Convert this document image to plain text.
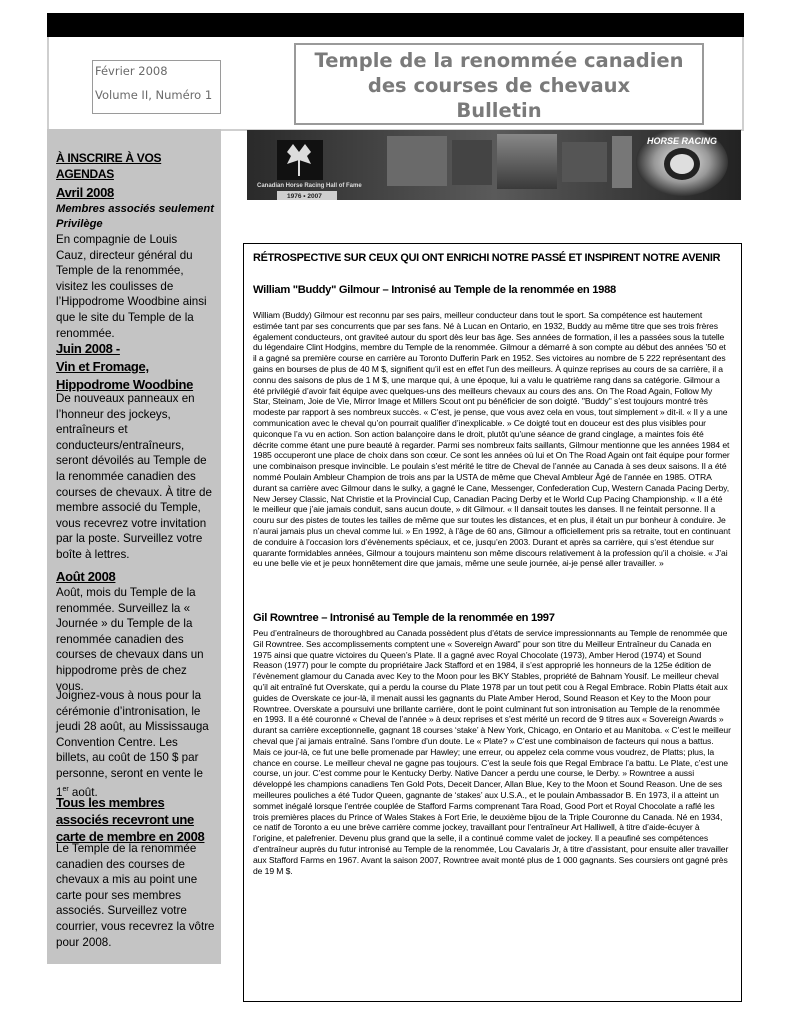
Février 2008
Volume II, Numéro 1
Temple de la renommée canadien
des courses de chevaux
Bulletin
Canadian Horse Racing Hall of Fame
1976 • 2007
HORSE RACING
À INSCRIRE À VOS AGENDAS
Avril 2008
Membres associés seulement
Privilège
En compagnie de Louis Cauz, directeur général du Temple de la renommée, visitez les coulisses de l’Hippodrome Woodbine ainsi que le site du Temple de la renommée.
Juin 2008 -
Vin et Fromage,
Hippodrome Woodbine
De nouveaux panneaux en l’honneur des jockeys, entraîneurs et conducteurs/entraîneurs, seront dévoilés au Temple de la renommée canadien des courses de chevaux. À titre de membre associé du Temple, vous recevrez votre invitation par la poste. Surveillez votre boîte à lettres.
Août 2008
Août, mois du Temple de la renommée. Surveillez la « Journée » du Temple de la renommée canadien des courses de chevaux dans un hippodrome près de chez vous.
Joignez-vous à nous pour la cérémonie d’intronisation, le jeudi 28 août, au Mississauga Convention Centre. Les billets, au coût de 150 $ par personne, seront en vente le 1er août.
Tous les membres associés recevront une carte de membre en 2008
Le Temple de la renommée canadien des courses de chevaux a mis au point une carte pour ses membres associés. Surveillez votre courrier, vous recevrez la vôtre pour 2008.
RÉTROSPECTIVE SUR CEUX QUI ONT ENRICHI NOTRE PASSÉ ET INSPIRENT NOTRE AVENIR
William "Buddy" Gilmour – Intronisé au Temple de la renommée en 1988
William (Buddy) Gilmour est reconnu par ses pairs, meilleur conducteur dans tout le sport. Sa compétence est hautement estimée tant par ses concurrents que par ses fans. Né à Lucan en Ontario, en 1932, Buddy au même titre que ses trois frères également conducteurs, ont graviteé autour du sport dès leur bas âge. Ses années de formation, il les a passées sous la tutelle du légendaire Clint Hodgins, membre du Temple de la renommée. Gilmour a démarré à son compte au début des années ’50 et il a gagné sa première course en carrière au Toronto Dufferin Park en 1952. Ses victoires au nombre de 5 222 représentant des gains en bourses de plus de 40 M $, signifient qu’il est en effet l’un des meilleurs. À quinze reprises au cours de sa carrière, il a connu des saisons de plus de 1 M $, une marque qui, à une époque, lui a valu le quatrième rang dans sa catégorie. Gilmour a été privilégié d’avoir fait équipe avec quelques-uns des meilleurs chevaux au cours des ans. On The Road Again, Follow My Star, Steinam, Joie de Vie, Mirror Image et Millers Scout ont pu bénéficier de son doigté. "Buddy" s’est toujours montré très modeste par rapport à ses nombreux succès. « C’est, je pense, que vous avez cela en vous, tout simplement » dit-il. « Il y a une communication avec le cheval qu’on pourrait qualifier d’inexplicable. » Ce doigté tout en douceur est des plus visibles pour quiconque l’a vu en action. Son action balançoire dans le droit, plutôt qu’une séance de grand cinglage, a maintes fois été décrite comme étant une pure beauté à regarder. Parmi ses nombreux faits saillants, Gilmour mentionne que les années 1984 et 1985 occuperont une place de choix dans son cœur. Ce sont les années où lui et On The Road Again ont fait équipe pour former une combinaison presque invincible. Le poulain s’est mérité le titre de Cheval de l’année au Canada à ses deux saisons. Il a été nommé Poulain Ambleur Champion de trois ans par la USTA de même que Cheval Ambleur Âgé de l’année en 1985. OTRA durant sa carrière avec Gilmour dans le sulky, a gagné le Cane, Messenger, Confederation Cup, Western Canada Pacing Derby, New Jersey Classic, Nat Christie et la Provincial Cup, Canadian Pacing Derby et le World Cup Pacing Championship. « Il a été le meilleur que j’aie jamais conduit, sans aucun doute, » dit Gilmour. « Il dansait toutes les danses. Il ne feintait personne. Il a couru sur des pistes de toutes les tailles de même que sur toutes les distances, et en plus, il était un pur bonheur à conduire. Je n’aurai jamais plus un cheval comme lui. » En 1992, à l’âge de 60 ans, Gilmour a officiellement pris sa retraite, tout en continuant de conduire à l’occasion lors d’évènements spéciaux, et ce, jusqu’en 2003. Durant et après sa carrière, qui s’est étendue sur quarante formidables années, Gilmour a toujours maintenu son même discours relativement à la profession qu’il a choisie. « J’ai eu une belle vie et je peux honnêtement dire que jamais, même une seule journée, ai-je pensé aller travailler. »
Gil Rowntree – Intronisé au Temple de la renommée en 1997
Peu d’entraîneurs de thoroughbred au Canada possèdent plus d’états de service impressionnants au Temple de renommée que Gil Rowntree. Ses accomplissements comptent une « Sovereign Award” pour son titre du Meilleur Entraîneur du Canada en 1975 ainsi que quatre victoires du Queen’s Plate. Il a gagné avec Royal Chocolate (1973), Amber Herod (1974) et Sound Reason (1977) pour le compte du propriétaire Jack Stafford et en 1984, il s’est approprié les honneurs de la 125e édition de l’évènement glamour du Canada avec Key to the Moon pour les BKY Stables, propriété de Bahnam Yousif. Le meilleur cheval qu’il ait entraîné fut Overskate, qui a perdu la course du Plate 1978 par un tout petit cou à Regal Embrace. Robin Platts était aux guides de Overskate ce jour-là, il menait aussi les gagnants du Plate Amber Herod, Sound Reason et Key to the Moon pour Rowntree. Overskate a poursuivi une brillante carrière, dont le point culminant fut son intronisation au Temple de la renommée en 1993. Il a été couronné « Cheval de l’année » à deux reprises et s’est mérité un record de 9 titres aux « Sovereign Awards » durant sa carrière exceptionnelle, gagnant 18 courses ‘stake’ à New York, Chicago, en Ontario et au Manitoba. « C’est le meilleur cheval que j’ai jamais entraîné. Sans l’ombre d’un doute. Le « Plate? » C’est une combinaison de facteurs qui nous a battus. Mais ce jour-là, ce fut une belle promenade par Hawley; une erreur, ou appelez cela comme vous voudrez, de Platts; plus, la chance en course. Le meilleur cheval ne gagne pas toujours. C’est la seule fois que Regal Embrace l’a battu. Le Plate, c’est une course, un jour. C’est comme pour le Kentucky Derby. Native Dancer a perdu une course, le Derby. » Rowntree a aussi développé les champions canadiens Ten Gold Pots, Deceit Dancer, Allan Blue, Key to the Moon et Sound Reason. Une de ses meilleures pouliches a été Tudor Queen, gagnante de ‘stakes’ aux U.S.A., et le poulain Ambassador B. En 1973, il a atteint un sommet inégalé lorsque l’entrée couplée de Stafford Farms comprenant Tara Road, Good Port et Royal Chocolate a raflé les trois premières places du Prince of Wales Stakes à Fort Erie, le deuxième bijou de la Triple Couronne du Canada. Né en 1934, ce natif de Toronto a eu une brève carrière comme jockey, travaillant pour l’entraîneur Art Halliwell, à titre d’aide-écuyer à l’origine, et palefrenier. Devenu plus grand que la selle, il a continué comme valet de jockey. Il a peaufiné ses compétences d’entraîneur auprès du futur intronisé au Temple de la renommée, Lou Cavalaris Jr, à titre d’assistant, pour ensuite aller travailler aux Stafford Farms en 1967. Avant la saison 2007, Rowntree avait monté plus de 1 000 gagnants. Ses coursiers ont gagné près de 19 M $.
